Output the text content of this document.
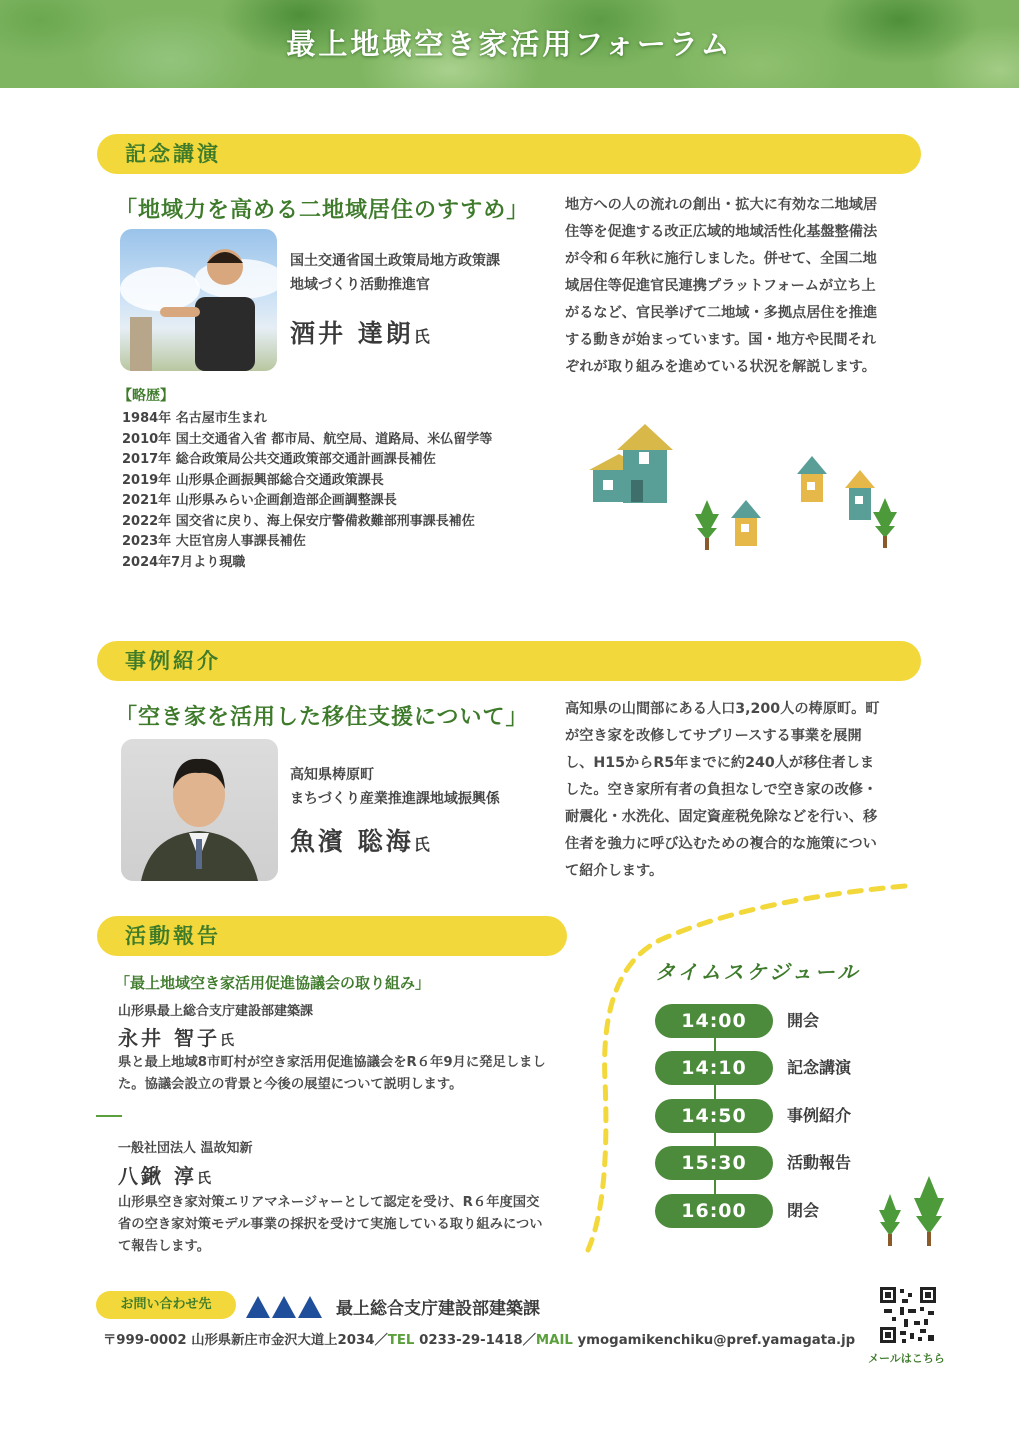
最上地域空き家活用フォーラム
記念講演
「地域力を高める二地域居住のすすめ」
国土交通省国土政策局地方政策課
地域づくり活動推進官
酒井 達朗氏
地方への人の流れの創出・拡大に有効な二地域居住等を促進する改正広域的地域活性化基盤整備法が令和６年秋に施行しました。併せて、全国二地域居住等促進官民連携プラットフォームが立ち上がるなど、官民挙げて二地域・多拠点居住を推進する動きが始まっています。国・地方や民間それぞれが取り組みを進めている状況を解説します。
【略歴】
1984年 名古屋市生まれ
2010年 国土交通省入省 都市局、航空局、道路局、米仏留学等
2017年 総合政策局公共交通政策部交通計画課長補佐
2019年 山形県企画振興部総合交通政策課長
2021年 山形県みらい企画創造部企画調整課長
2022年 国交省に戻り、海上保安庁警備救難部刑事課長補佐
2023年 大臣官房人事課長補佐
2024年7月より現職
事例紹介
「空き家を活用した移住支援について」
高知県梼原町
まちづくり産業推進課地域振興係
魚濱 聡海氏
高知県の山間部にある人口3,200人の梼原町。町が空き家を改修してサブリースする事業を展開し、H15からR5年までに約240人が移住者しました。空き家所有者の負担なしで空き家の改修・耐震化・水洗化、固定資産税免除などを行い、移住者を強力に呼び込むための複合的な施策について紹介します。
活動報告
「最上地域空き家活用促進協議会の取り組み」
山形県最上総合支庁建設部建築課
永井 智子氏
県と最上地域8市町村が空き家活用促進協議会をR６年9月に発足しました。協議会設立の背景と今後の展望について説明します。
一般社団法人 温故知新
八鍬 淳氏
山形県空き家対策エリアマネージャーとして認定を受け、R６年度国交省の空き家対策モデル事業の採択を受けて実施している取り組みについて報告します。
タイムスケジュール
14:00	開会
14:10	記念講演
14:50	事例紹介
15:30	活動報告
16:00	閉会
お問い合わせ先	最上総合支庁建設部建築課
〒999-0002 山形県新庄市金沢大道上2034／TEL 0233-29-1418／MAIL ymogamikenchiku@pref.yamagata.jp
メールはこちら
